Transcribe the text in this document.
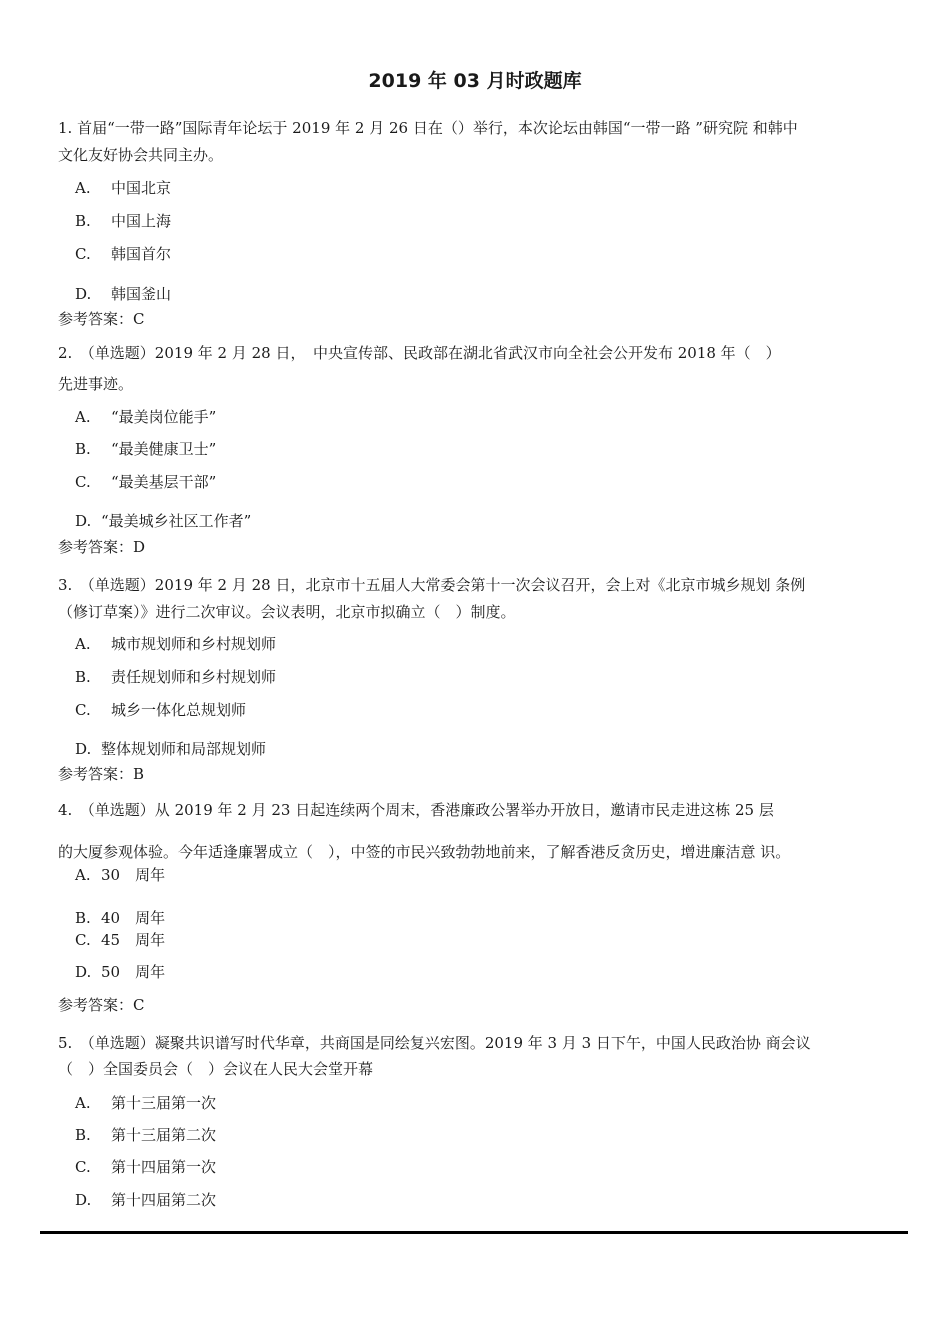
2019 年 03 月时政题库
1. 首届“一带一路”国际青年论坛于 2019 年 2 月 26 日在（）举行，本次论坛由韩国“一带一路 ”研究院 和韩中
文化友好协会共同主办。
A. 中国北京
B. 中国上海
C. 韩国首尔
D. 韩国釜山
参考答案：C
2.　（单选题）2019 年 2 月 28 日，　中央宣传部、民政部在湖北省武汉市向全社会公开发布 2018 年（　）
先进事迹。
A. “最美岗位能手”
B. “最美健康卫士”
C. “最美基层干部”
D. “最美城乡社区工作者”
参考答案：D
3.　（单选题）2019 年 2 月 28 日，北京市十五届人大常委会第十一次会议召开，会上对《北京市城乡规划 条例
（修订草案）》进行二次审议。会议表明，北京市拟确立（　）制度。
A. 城市规划师和乡村规划师
B. 责任规划师和乡村规划师
C. 城乡一体化总规划师
D. 整体规划师和局部规划师
参考答案：B
4.　（单选题）从 2019 年 2 月 23 日起连续两个周末，香港廉政公署举办开放日，邀请市民走进这栋 25 层
的大厦参观体验。今年适逢廉署成立（　），中签的市民兴致勃勃地前来，了解香港反贪历史，增进廉洁意 识。
A. 30　周年
B. 40　周年
C. 45　周年
D. 50　周年
参考答案：C
5.　（单选题）凝聚共识谱写时代华章，共商国是同绘复兴宏图。2019 年 3 月 3 日下午，中国人民政治协 商会议
（　）全国委员会（　）会议在人民大会堂开幕
A. 第十三届第一次
B. 第十三届第二次
C. 第十四届第一次
D. 第十四届第二次
